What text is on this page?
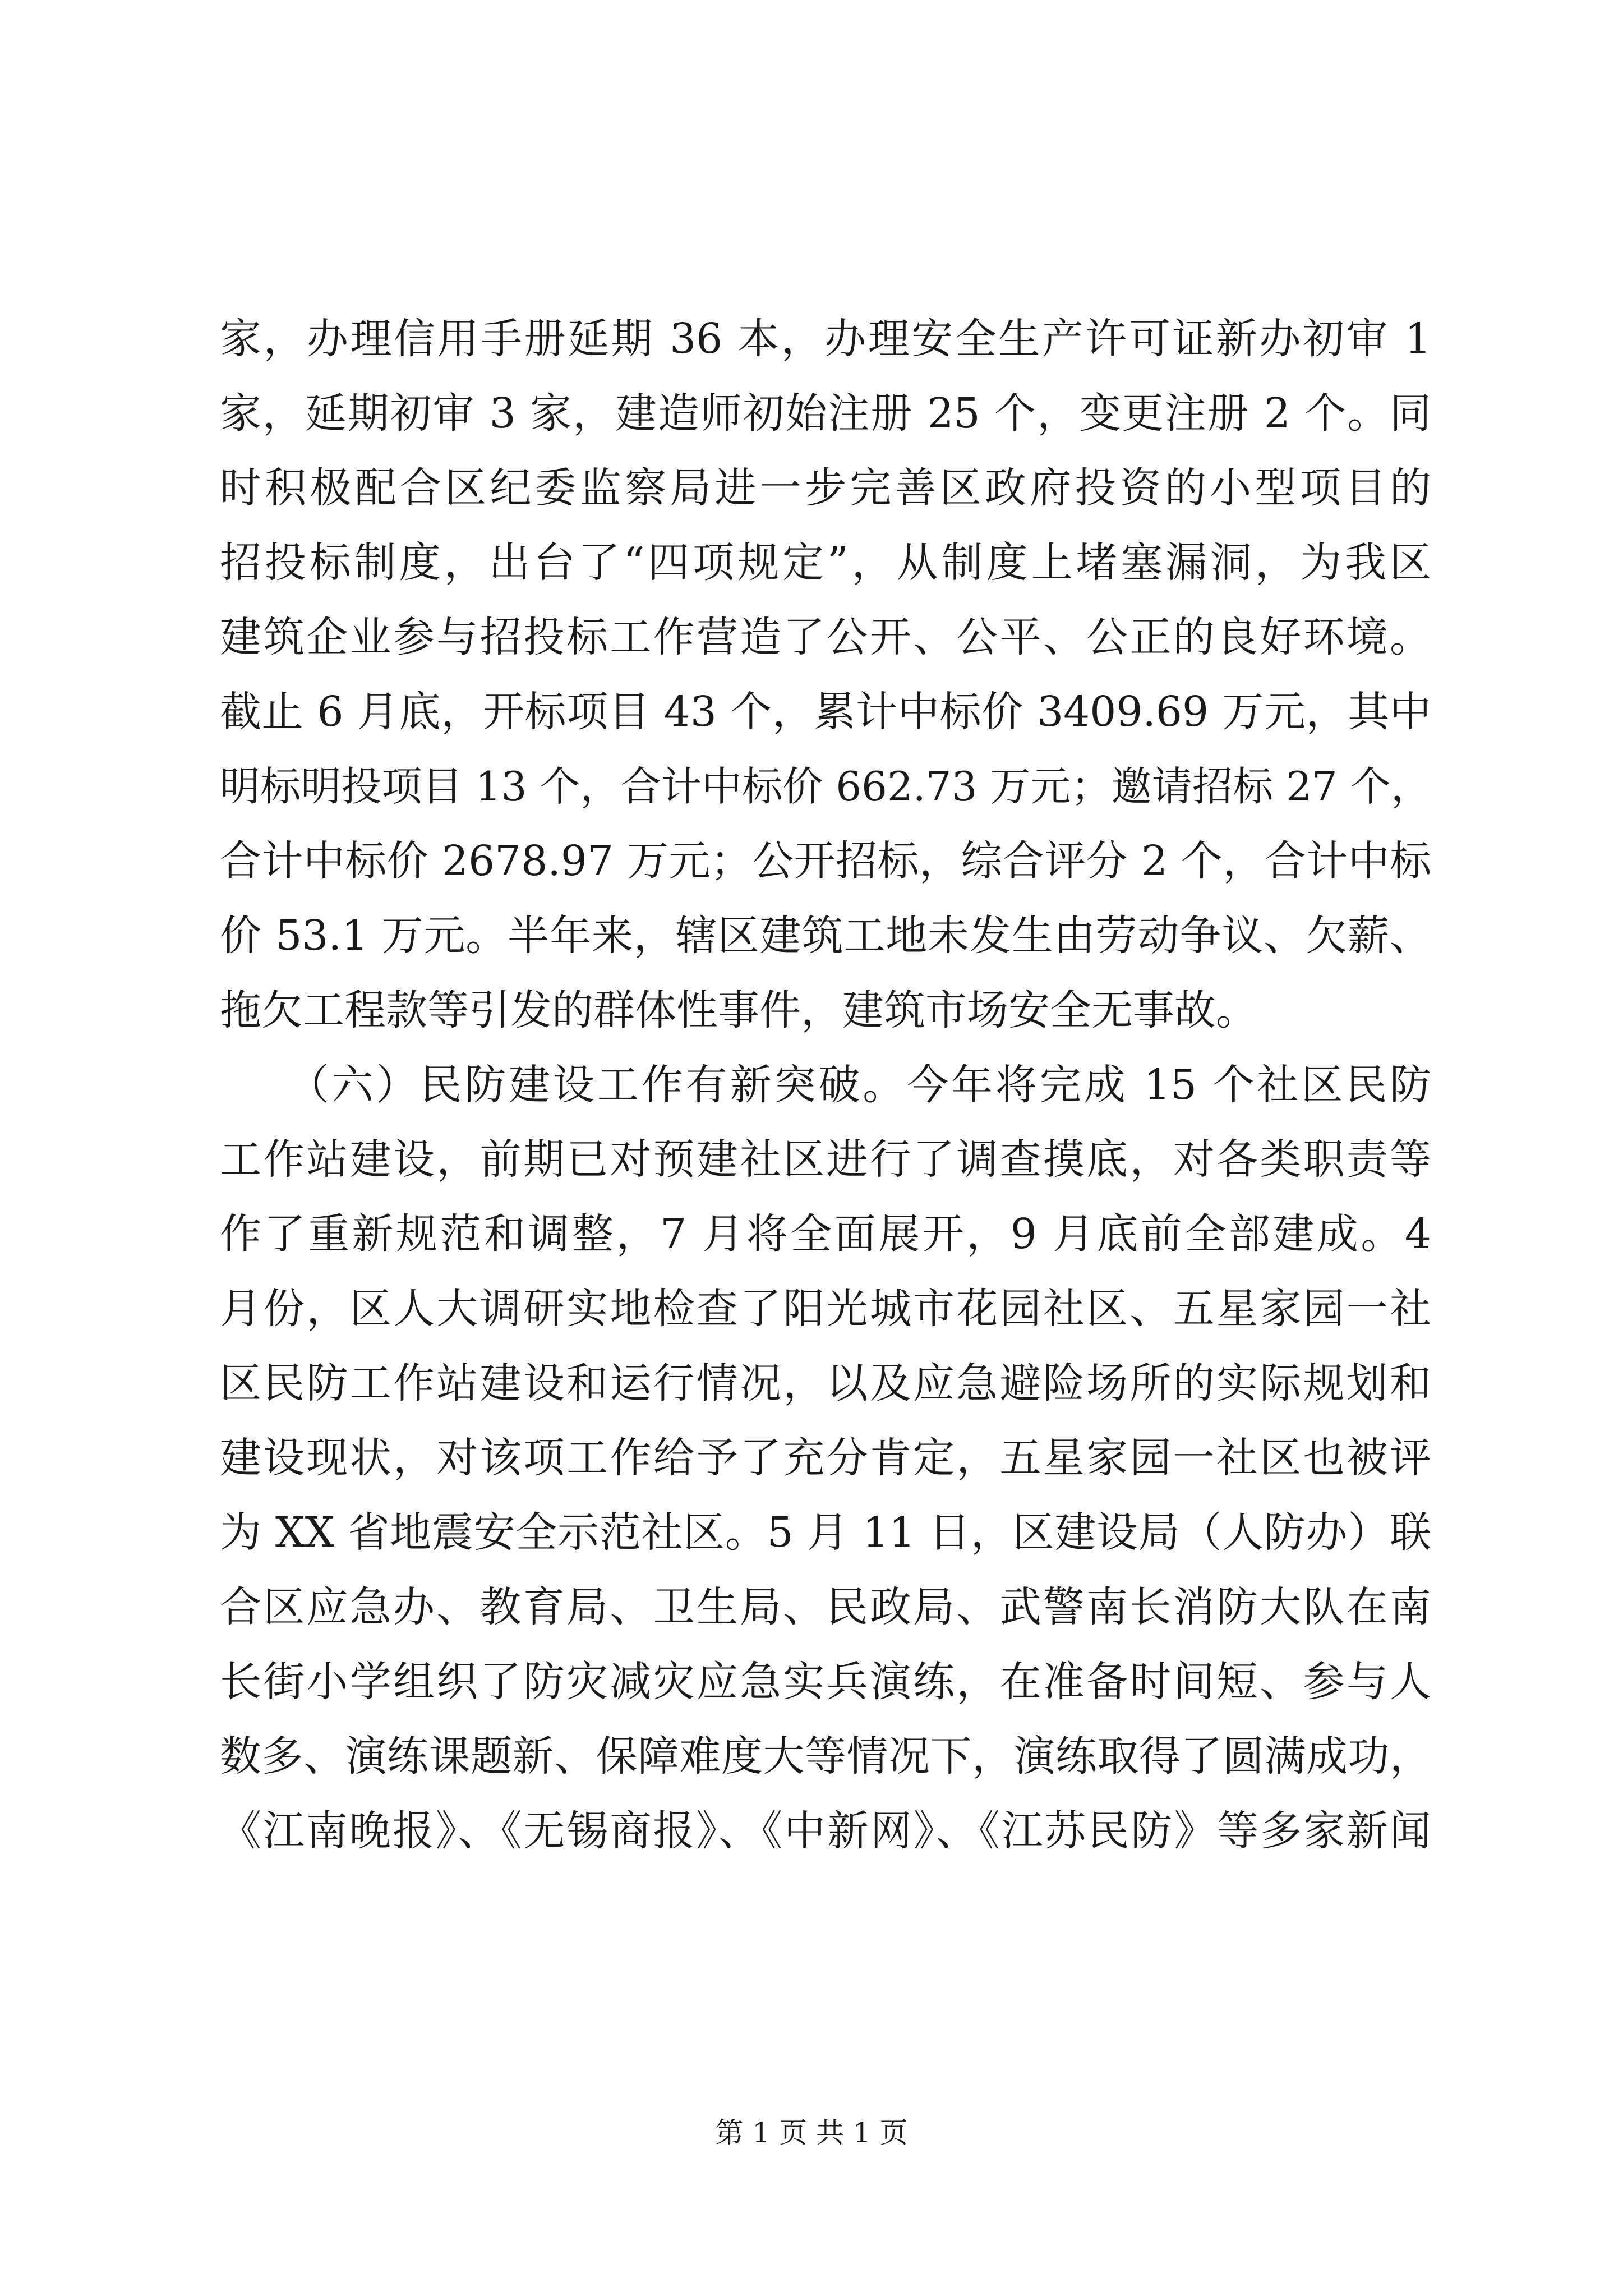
家，办理信用手册延期 36 本，办理安全生产许可证新办初审 1
家，延期初审 3 家，建造师初始注册 25 个，变更注册 2 个。同
时积极配合区纪委监察局进一步完善区政府投资的小型项目的
招投标制度，出台了“四项规定”，从制度上堵塞漏洞，为我区
建筑企业参与招投标工作营造了公开、公平、公正的良好环境。
截止 6 月底，开标项目 43 个，累计中标价 3409.69 万元，其中
明标明投项目 13 个，合计中标价 662.73 万元；邀请招标 27 个，
合计中标价 2678.97 万元；公开招标，综合评分 2 个，合计中标
价 53.1 万元。半年来，辖区建筑工地未发生由劳动争议、欠薪、
拖欠工程款等引发的群体性事件，建筑市场安全无事故。
　　（六）民防建设工作有新突破。今年将完成 15 个社区民防
工作站建设，前期已对预建社区进行了调查摸底，对各类职责等
作了重新规范和调整，7 月将全面展开，9 月底前全部建成。4
月份，区人大调研实地检查了阳光城市花园社区、五星家园一社
区民防工作站建设和运行情况，以及应急避险场所的实际规划和
建设现状，对该项工作给予了充分肯定，五星家园一社区也被评
为 XX 省地震安全示范社区。5 月 11 日，区建设局（人防办）联
合区应急办、教育局、卫生局、民政局、武警南长消防大队在南
长街小学组织了防灾减灾应急实兵演练，在准备时间短、参与人
数多、演练课题新、保障难度大等情况下，演练取得了圆满成功，
《江南晚报》、《无锡商报》、《中新网》、《江苏民防》等多家新闻
第 1 页 共 1 页
